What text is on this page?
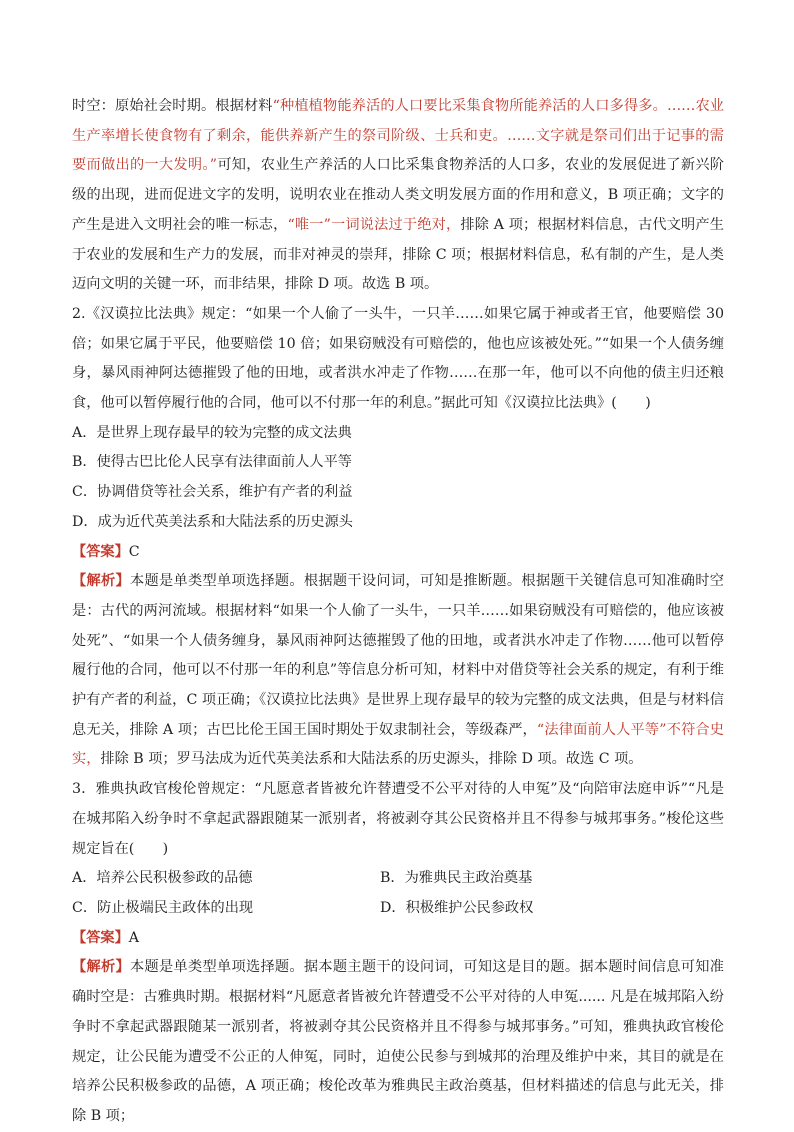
时空：原始社会时期。根据材料“种植植物能养活的人口要比采集食物所能养活的人口多得多。……农业生产率增长使食物有了剩余，能供养新产生的祭司阶级、士兵和吏。……文字就是祭司们出于记事的需要而做出的一大发明。”可知，农业生产养活的人口比采集食物养活的人口多，农业的发展促进了新兴阶级的出现，进而促进文字的发明，说明农业在推动人类文明发展方面的作用和意义，B 项正确；文字的产生是进入文明社会的唯一标志，“唯一”一词说法过于绝对，排除 A 项；根据材料信息，古代文明产生于农业的发展和生产力的发展，而非对神灵的崇拜，排除 C 项；根据材料信息，私有制的产生，是人类迈向文明的关键一环，而非结果，排除 D 项。故选 B 项。

2.《汉谟拉比法典》规定：“如果一个人偷了一头牛，一只羊……如果它属于神或者王官，他要赔偿 30 倍；如果它属于平民，他要赔偿 10 倍；如果窃贼没有可赔偿的，他也应该被处死。”“如果一个人债务缠身，暴风雨神阿达德摧毁了他的田地，或者洪水冲走了作物……在那一年，他可以不向他的债主归还粮食，他可以暂停履行他的合同，他可以不付那一年的利息。”据此可知《汉谟拉比法典》(　　)

A．是世界上现存最早的较为完整的成文法典

B．使得古巴比伦人民享有法律面前人人平等

C．协调借贷等社会关系，维护有产者的利益

D．成为近代英美法系和大陆法系的历史源头

【答案】C

【解析】本题是单类型单项选择题。根据题干设问词，可知是推断题。根据题干关键信息可知准确时空是：古代的两河流域。根据材料“如果一个人偷了一头牛，一只羊……如果窃贼没有可赔偿的，他应该被处死”、“如果一个人债务缠身，暴风雨神阿达德摧毁了他的田地，或者洪水冲走了作物……他可以暂停履行他的合同，他可以不付那一年的利息”等信息分析可知，材料中对借贷等社会关系的规定，有利于维护有产者的利益，C 项正确；《汉谟拉比法典》是世界上现存最早的较为完整的成文法典，但是与材料信息无关，排除 A 项；古巴比伦王国王国时期处于奴隶制社会，等级森严，“法律面前人人平等”不符合史实，排除 B 项；罗马法成为近代英美法系和大陆法系的历史源头，排除 D 项。故选 C 项。

3．雅典执政官梭伦曾规定：“凡愿意者皆被允许替遭受不公平对待的人申冤”及“向陪审法庭申诉”“凡是在城邦陷入纷争时不拿起武器跟随某一派别者，将被剥夺其公民资格并且不得参与城邦事务。”梭伦这些规定旨在(　　)

A．培养公民积极参政的品德	B．为雅典民主政治奠基

C．防止极端民主政体的出现	D．积极维护公民参政权

【答案】A

【解析】本题是单类型单项选择题。据本题主题干的设问词，可知这是目的题。据本题时间信息可知准确时空是：古雅典时期。根据材料“凡愿意者皆被允许替遭受不公平对待的人申冤...... 凡是在城邦陷入纷争时不拿起武器跟随某一派别者，将被剥夺其公民资格并且不得参与城邦事务。”可知，雅典执政官梭伦规定，让公民能为遭受不公正的人伸冤，同时，迫使公民参与到城邦的治理及维护中来，其目的就是在培养公民积极参政的品德，A 项正确；梭伦改革为雅典民主政治奠基，但材料描述的信息与此无关，排除 B 项；
